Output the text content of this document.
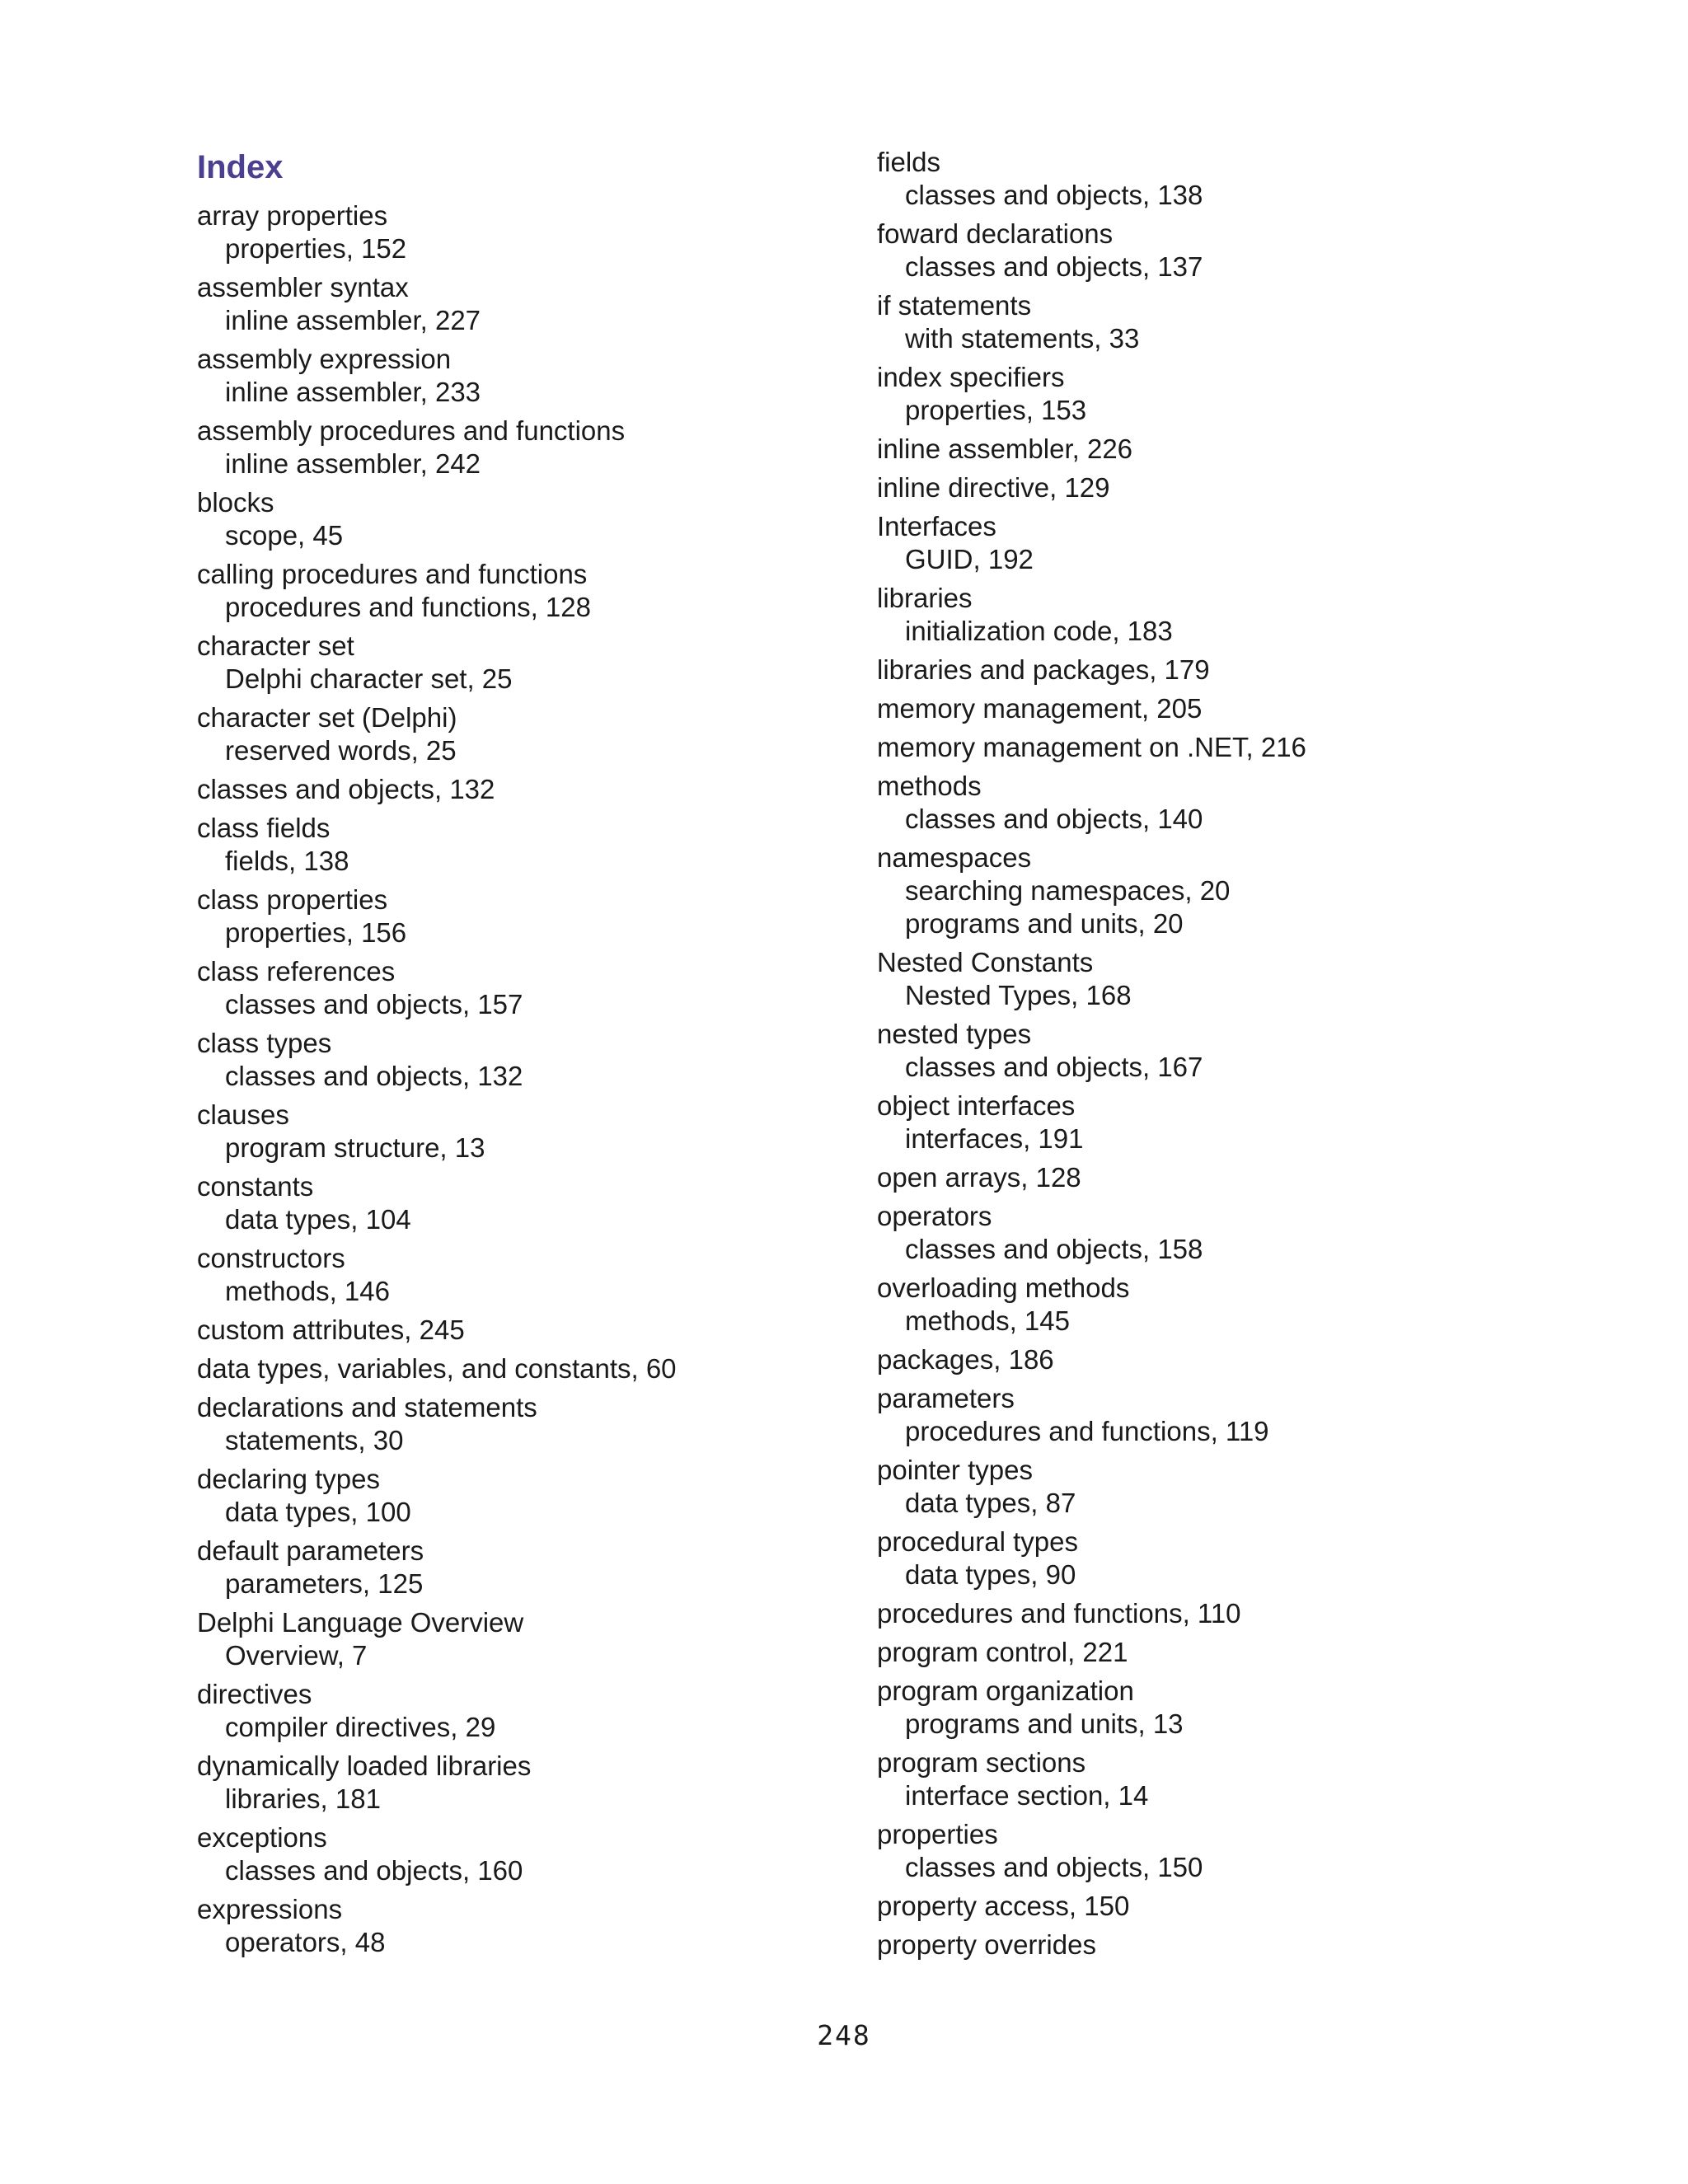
Index
array properties
properties, 152
assembler syntax
inline assembler, 227
assembly expression
inline assembler, 233
assembly procedures and functions
inline assembler, 242
blocks
scope, 45
calling procedures and functions
procedures and functions, 128
character set
Delphi character set, 25
character set (Delphi)
reserved words, 25
classes and objects, 132
class fields
fields, 138
class properties
properties, 156
class references
classes and objects, 157
class types
classes and objects, 132
clauses
program structure, 13
constants
data types, 104
constructors
methods, 146
custom attributes, 245
data types, variables, and constants, 60
declarations and statements
statements, 30
declaring types
data types, 100
default parameters
parameters, 125
Delphi Language Overview
Overview, 7
directives
compiler directives, 29
dynamically loaded libraries
libraries, 181
exceptions
classes and objects, 160
expressions
operators, 48
fields
classes and objects, 138
foward declarations
classes and objects, 137
if statements
with statements, 33
index specifiers
properties, 153
inline assembler, 226
inline directive, 129
Interfaces
GUID, 192
libraries
initialization code, 183
libraries and packages, 179
memory management, 205
memory management on .NET, 216
methods
classes and objects, 140
namespaces
searching namespaces, 20
programs and units, 20
Nested Constants
Nested Types, 168
nested types
classes and objects, 167
object interfaces
interfaces, 191
open arrays, 128
operators
classes and objects, 158
overloading methods
methods, 145
packages, 186
parameters
procedures and functions, 119
pointer types
data types, 87
procedural types
data types, 90
procedures and functions, 110
program control, 221
program organization
programs and units, 13
program sections
interface section, 14
properties
classes and objects, 150
property access, 150
property overrides
248
